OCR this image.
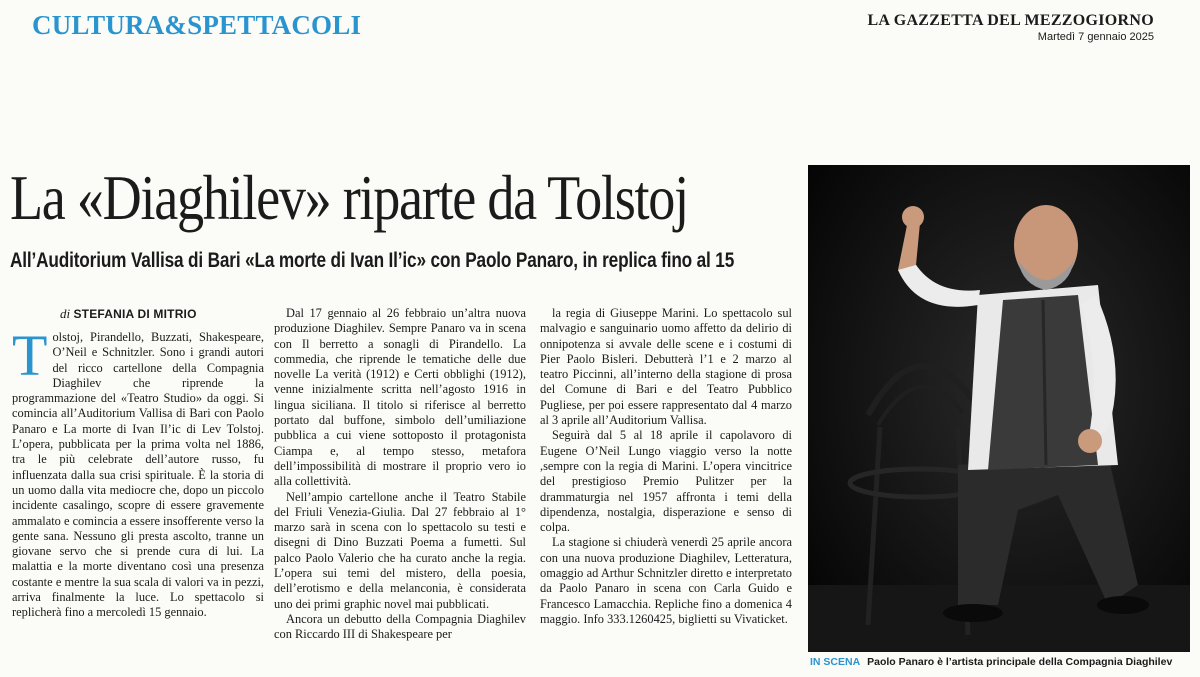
CULTURA&SPETTACOLI	LA GAZZETTA DEL MEZZOGIORNO
Martedì 7 gennaio 2025
La «Diaghilev» riparte da Tolstoj
All’Auditorium Vallisa di Bari «La morte di Ivan Il’ic» con Paolo Panaro, in replica fino al 15
di STEFANIA DI MITRIO

Tolstoj, Pirandello, Buzzati, Shakespeare, O’Neil e Schnitzler. Sono i grandi autori del ricco cartellone della Compagnia Diaghilev che riprende la programmazione del «Teatro Studio» da oggi. Si comincia all’Auditorium Vallisa di Bari con Paolo Panaro e La morte di Ivan Il’ic di Lev Tolstoj. L’opera, pubblicata per la prima volta nel 1886, tra le più celebrate dell’autore russo, fu influenzata dalla sua crisi spirituale. È la storia di un uomo dalla vita mediocre che, dopo un piccolo incidente casalingo, scopre di essere gravemente ammalato e comincia a essere insofferente verso la gente sana. Nessuno gli presta ascolto, tranne un giovane servo che si prende cura di lui. La malattia e la morte diventano così una presenza costante e mentre la sua scala di valori va in pezzi, arriva finalmente la luce. Lo spettacolo si replicherà fino a mercoledì 15 gennaio.

Dal 17 gennaio al 26 febbraio un’altra nuova produzione Diaghilev. Sempre Panaro va in scena con Il berretto a sonagli di Pirandello. La commedia, che riprende le tematiche delle due novelle La verità (1912) e Certi obblighi (1912), venne inizialmente scritta nell’agosto 1916 in lingua siciliana. Il titolo si riferisce al berretto portato dal buffone, simbolo dell’umiliazione pubblica a cui viene sottoposto il protagonista Ciampa e, al tempo stesso, metafora dell’impossibilità di mostrare il proprio vero io alla collettività.

Nell’ampio cartellone anche il Teatro Stabile del Friuli Venezia-Giulia. Dal 27 febbraio al 1° marzo sarà in scena con lo spettacolo su testi e disegni di Dino Buzzati Poema a fumetti. Sul palco Paolo Valerio che ha curato anche la regia. L’opera sui temi del mistero, della poesia, dell’erotismo e della melanconia, è considerata uno dei primi graphic novel mai pubblicati.

Ancora un debutto della Compagnia Diaghilev con Riccardo III di Shakespeare per

la regia di Giuseppe Marini. Lo spettacolo sul malvagio e sanguinario uomo affetto da delirio di onnipotenza si avvale delle scene e i costumi di Pier Paolo Bisleri. Debutterà l’1 e 2 marzo al teatro Piccinni, all’interno della stagione di prosa del Comune di Bari e del Teatro Pubblico Pugliese, per poi essere rappresentato dal 4 marzo al 3 aprile all’Auditorium Vallisa.

Seguirà dal 5 al 18 aprile il capolavoro di Eugene O’Neil Lungo viaggio verso la notte ,sempre con la regia di Marini. L’opera vincitrice del prestigioso Premio Pulitzer per la drammaturgia nel 1957 affronta i temi della dipendenza, nostalgia, disperazione e senso di colpa.

La stagione si chiuderà venerdì 25 aprile ancora con una nuova produzione Diaghilev, Letteratura, omaggio ad Arthur Schnitzler diretto e interpretato da Paolo Panaro in scena con Carla Guido e Francesco Lamacchia. Repliche fino a domenica 4 maggio. Info 333.1260425, biglietti su Vivaticket.

IN SCENA Paolo Panaro è l’artista principale della Compagnia Diaghilev
